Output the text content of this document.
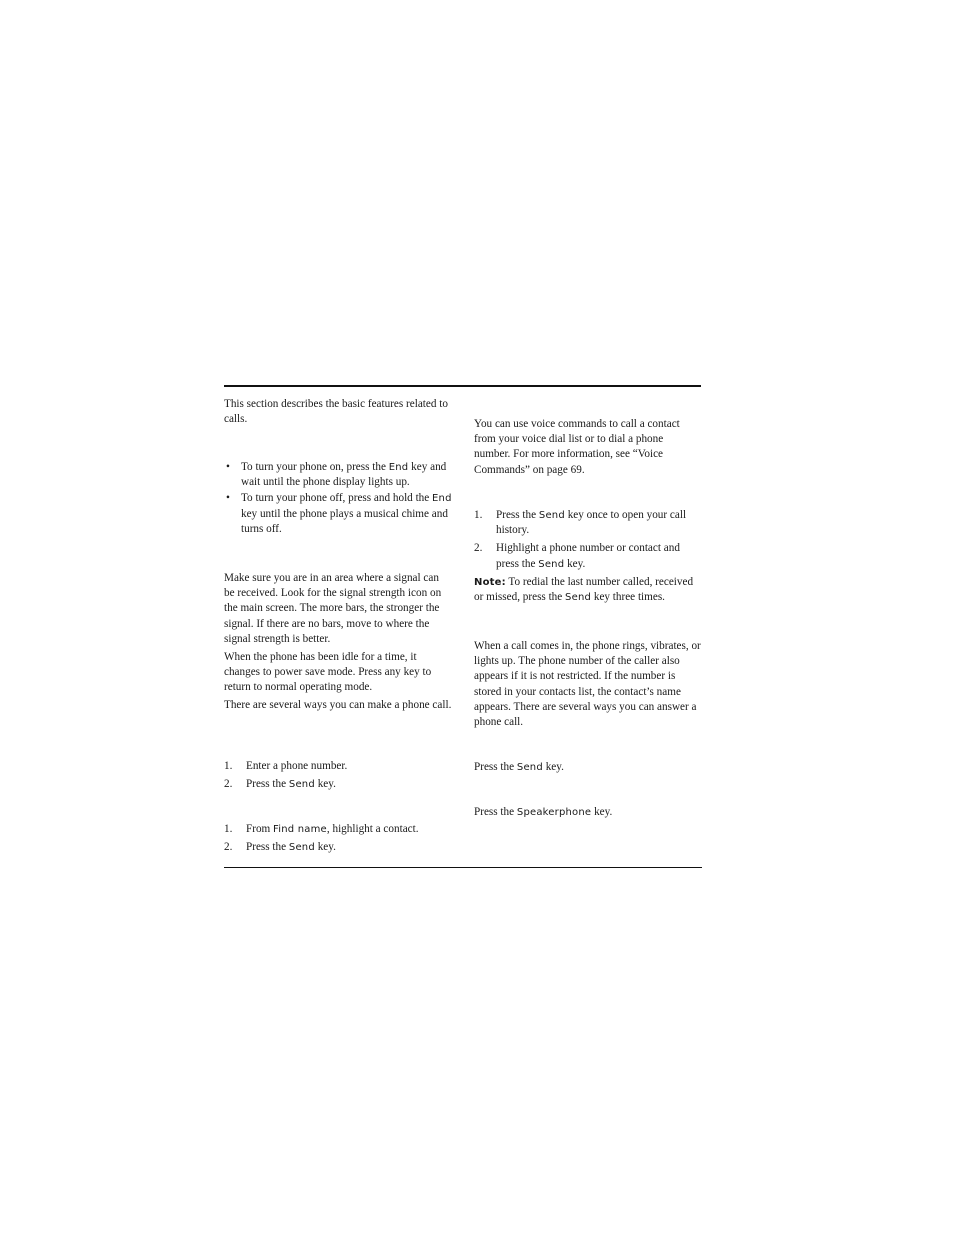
This section describes the basic features related to calls.

• To turn your phone on, press the End key and wait until the phone display lights up.
• To turn your phone off, press and hold the End key until the phone plays a musical chime and turns off.

Make sure you are in an area where a signal can be received. Look for the signal strength icon on the main screen. The more bars, the stronger the signal. If there are no bars, move to where the signal strength is better.

When the phone has been idle for a time, it changes to power save mode. Press any key to return to normal operating mode.

There are several ways you can make a phone call.

1. Enter a phone number.
2. Press the Send key.
1. From Find name, highlight a contact.
2. Press the Send key.

You can use voice commands to call a contact from your voice dial list or to dial a phone number. For more information, see “Voice Commands” on page 69.

1. Press the Send key once to open your call history.
2. Highlight a phone number or contact and press the Send key.

Note: To redial the last number called, received or missed, press the Send key three times.

When a call comes in, the phone rings, vibrates, or lights up. The phone number of the caller also appears if it is not restricted. If the number is stored in your contacts list, the contact’s name appears. There are several ways you can answer a phone call.

Press the Send key.

Press the Speakerphone key.
